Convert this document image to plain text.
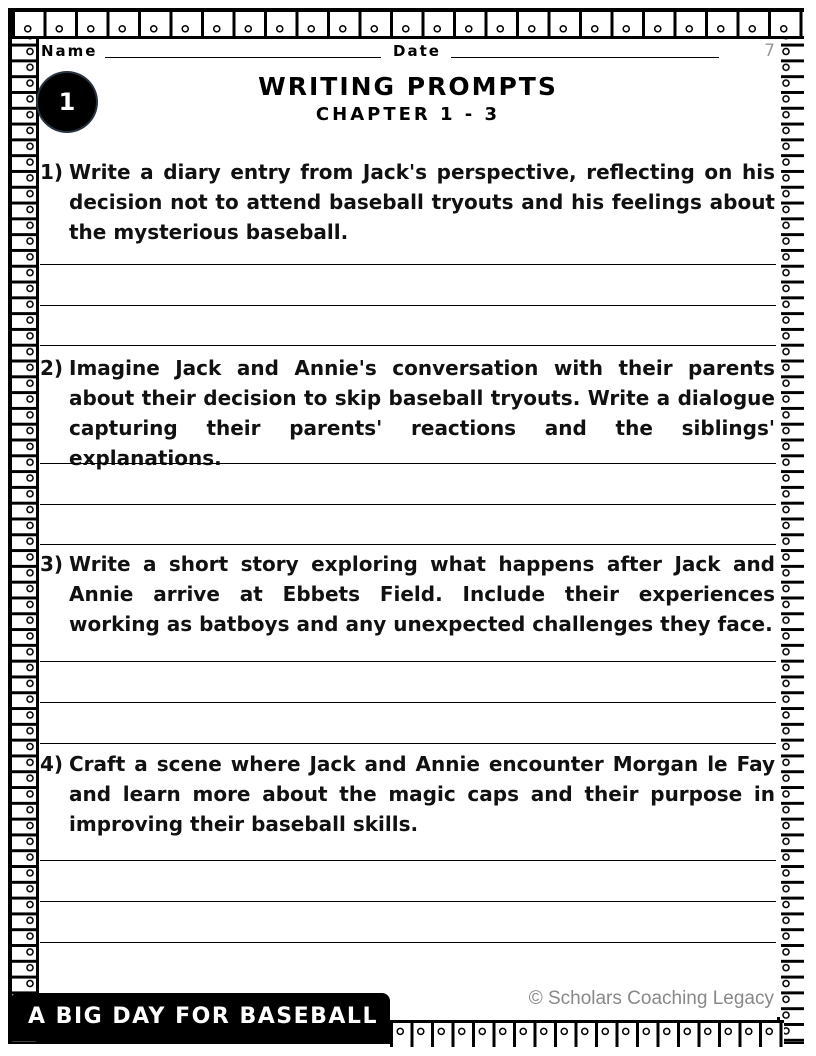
Name	Date	7
1
WRITING PROMPTS
CHAPTER 1 - 3
1) Write a diary entry from Jack's perspective, reflecting on his decision not to attend baseball tryouts and his feelings about the mysterious baseball.
2) Imagine Jack and Annie's conversation with their parents about their decision to skip baseball tryouts. Write a dialogue capturing their parents' reactions and the siblings' explanations.
3) Write a short story exploring what happens after Jack and Annie arrive at Ebbets Field. Include their experiences working as batboys and any unexpected challenges they face.
4) Craft a scene where Jack and Annie encounter Morgan le Fay and learn more about the magic caps and their purpose in improving their baseball skills.
© Scholars Coaching Legacy
A BIG DAY FOR BASEBALL
